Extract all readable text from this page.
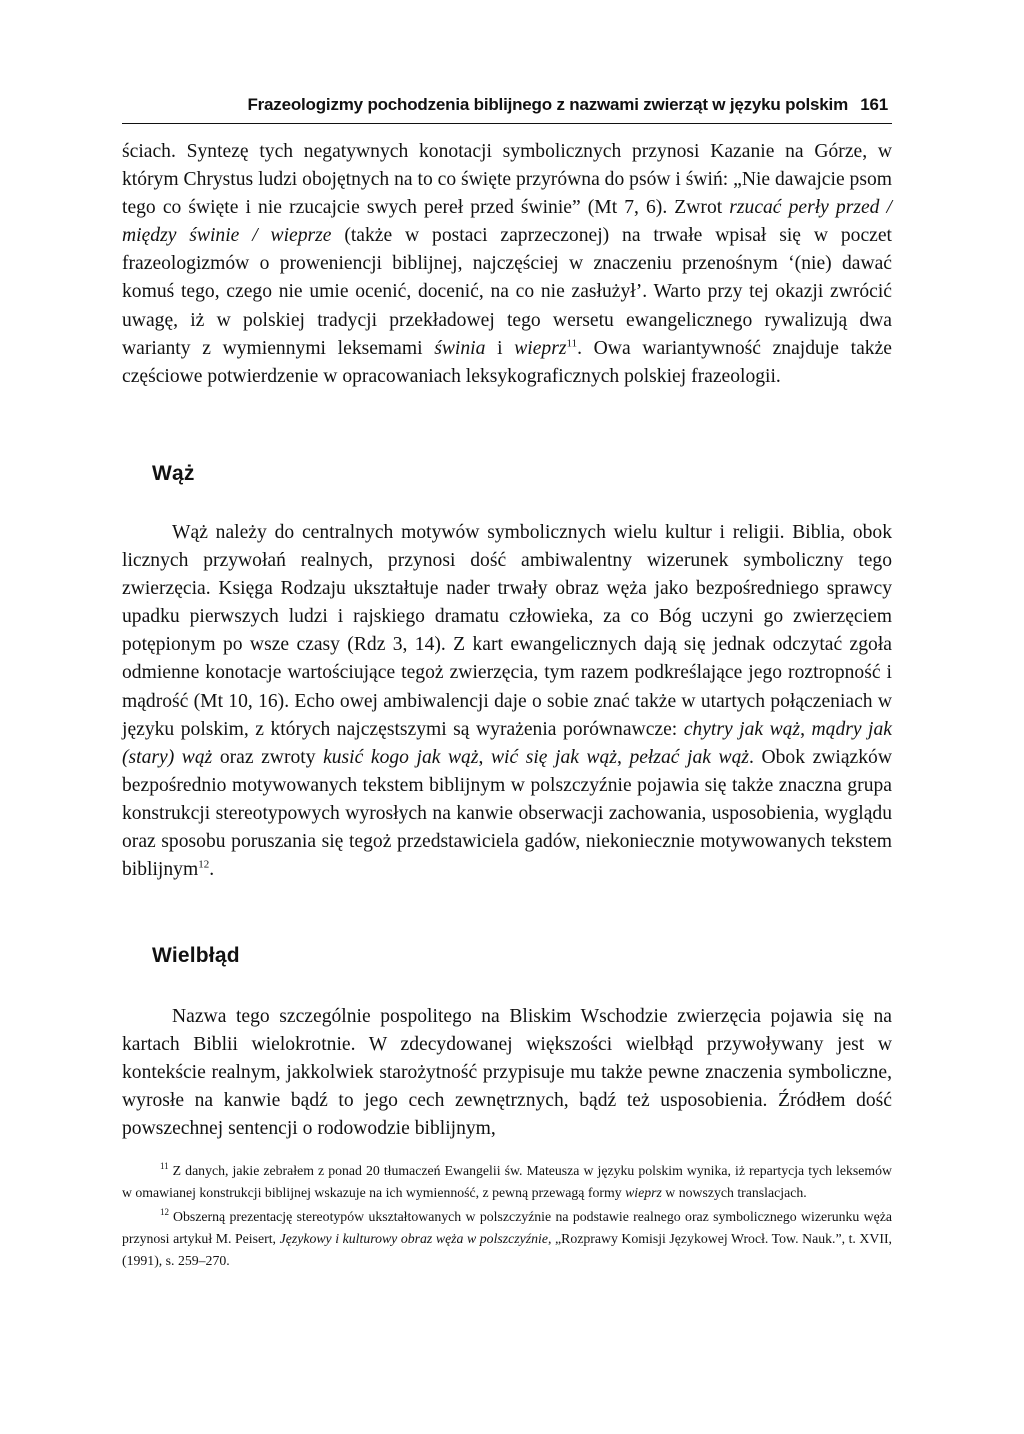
Frazeologizmy pochodzenia biblijnego z nazwami zwierząt w języku polskim 161

ściach. Syntezę tych negatywnych konotacji symbolicznych przynosi Kazanie na Górze, w którym Chrystus ludzi obojętnych na to co święte przyrówna do psów i świń: „Nie dawajcie psom tego co święte i nie rzucajcie swych pereł przed świnie” (Mt 7, 6). Zwrot rzucać perły przed / między świnie / wieprze (także w postaci zaprzeczonej) na trwałe wpisał się w poczet frazeologizmów o proweniencji biblijnej, najczęściej w znaczeniu przenośnym ‘(nie) dawać komuś tego, czego nie umie ocenić, docenić, na co nie zasłużył’. Warto przy tej okazji zwrócić uwagę, iż w polskiej tradycji przekładowej tego wersetu ewangelicznego rywalizują dwa warianty z wymiennymi leksemami świnia i wieprz$^{11}$. Owa wariantywność znajduje także częściowe potwierdzenie w opracowaniach leksykograficznych polskiej frazeologii.

Wąż

Wąż należy do centralnych motywów symbolicznych wielu kultur i religii. Biblia, obok licznych przywołań realnych, przynosi dość ambiwalentny wizerunek symboliczny tego zwierzęcia. Księga Rodzaju ukształtuje nader trwały obraz węża jako bezpośredniego sprawcy upadku pierwszych ludzi i rajskiego dramatu człowieka, za co Bóg uczyni go zwierzęciem potępionym po wsze czasy (Rdz 3, 14). Z kart ewangelicznych dają się jednak odczytać zgoła odmienne konotacje wartościujące tegoż zwierzęcia, tym razem podkreślające jego roztropność i mądrość (Mt 10, 16). Echo owej ambiwalencji daje o sobie znać także w utartych połączeniach w języku polskim, z których najczęstszymi są wyrażenia porównawcze: chytry jak wąż, mądry jak (stary) wąż oraz zwroty kusić kogo jak wąż, wić się jak wąż, pełzać jak wąż. Obok związków bezpośrednio motywowanych tekstem biblijnym w polszczyźnie pojawia się także znaczna grupa konstrukcji stereotypowych wyrosłych na kanwie obserwacji zachowania, usposobienia, wyglądu oraz sposobu poruszania się tegoż przedstawiciela gadów, niekoniecznie motywowanych tekstem biblijnym$^{12}$.

Wielbłąd

Nazwa tego szczególnie pospolitego na Bliskim Wschodzie zwierzęcia pojawia się na kartach Biblii wielokrotnie. W zdecydowanej większości wielbłąd przywoływany jest w kontekście realnym, jakkolwiek starożytność przypisuje mu także pewne znaczenia symboliczne, wyrosłe na kanwie bądź to jego cech zewnętrznych, bądź też usposobienia. Źródłem dość powszechnej sentencji o rodowodzie biblijnym,

$^{11}$ Z danych, jakie zebrałem z ponad 20 tłumaczeń Ewangelii św. Mateusza w języku polskim wynika, iż repartycja tych leksemów w omawianej konstrukcji biblijnej wskazuje na ich wymienność, z pewną przewagą formy wieprz w nowszych translacjach.

$^{12}$ Obszerną prezentację stereotypów ukształtowanych w polszczyźnie na podstawie realnego oraz symbolicznego wizerunku węża przynosi artykuł M. Peisert, Językowy i kulturowy obraz węża w polszczyźnie, „Rozprawy Komisji Językowej Wrocł. Tow. Nauk.”, t. XVII, (1991), s. 259–270.
